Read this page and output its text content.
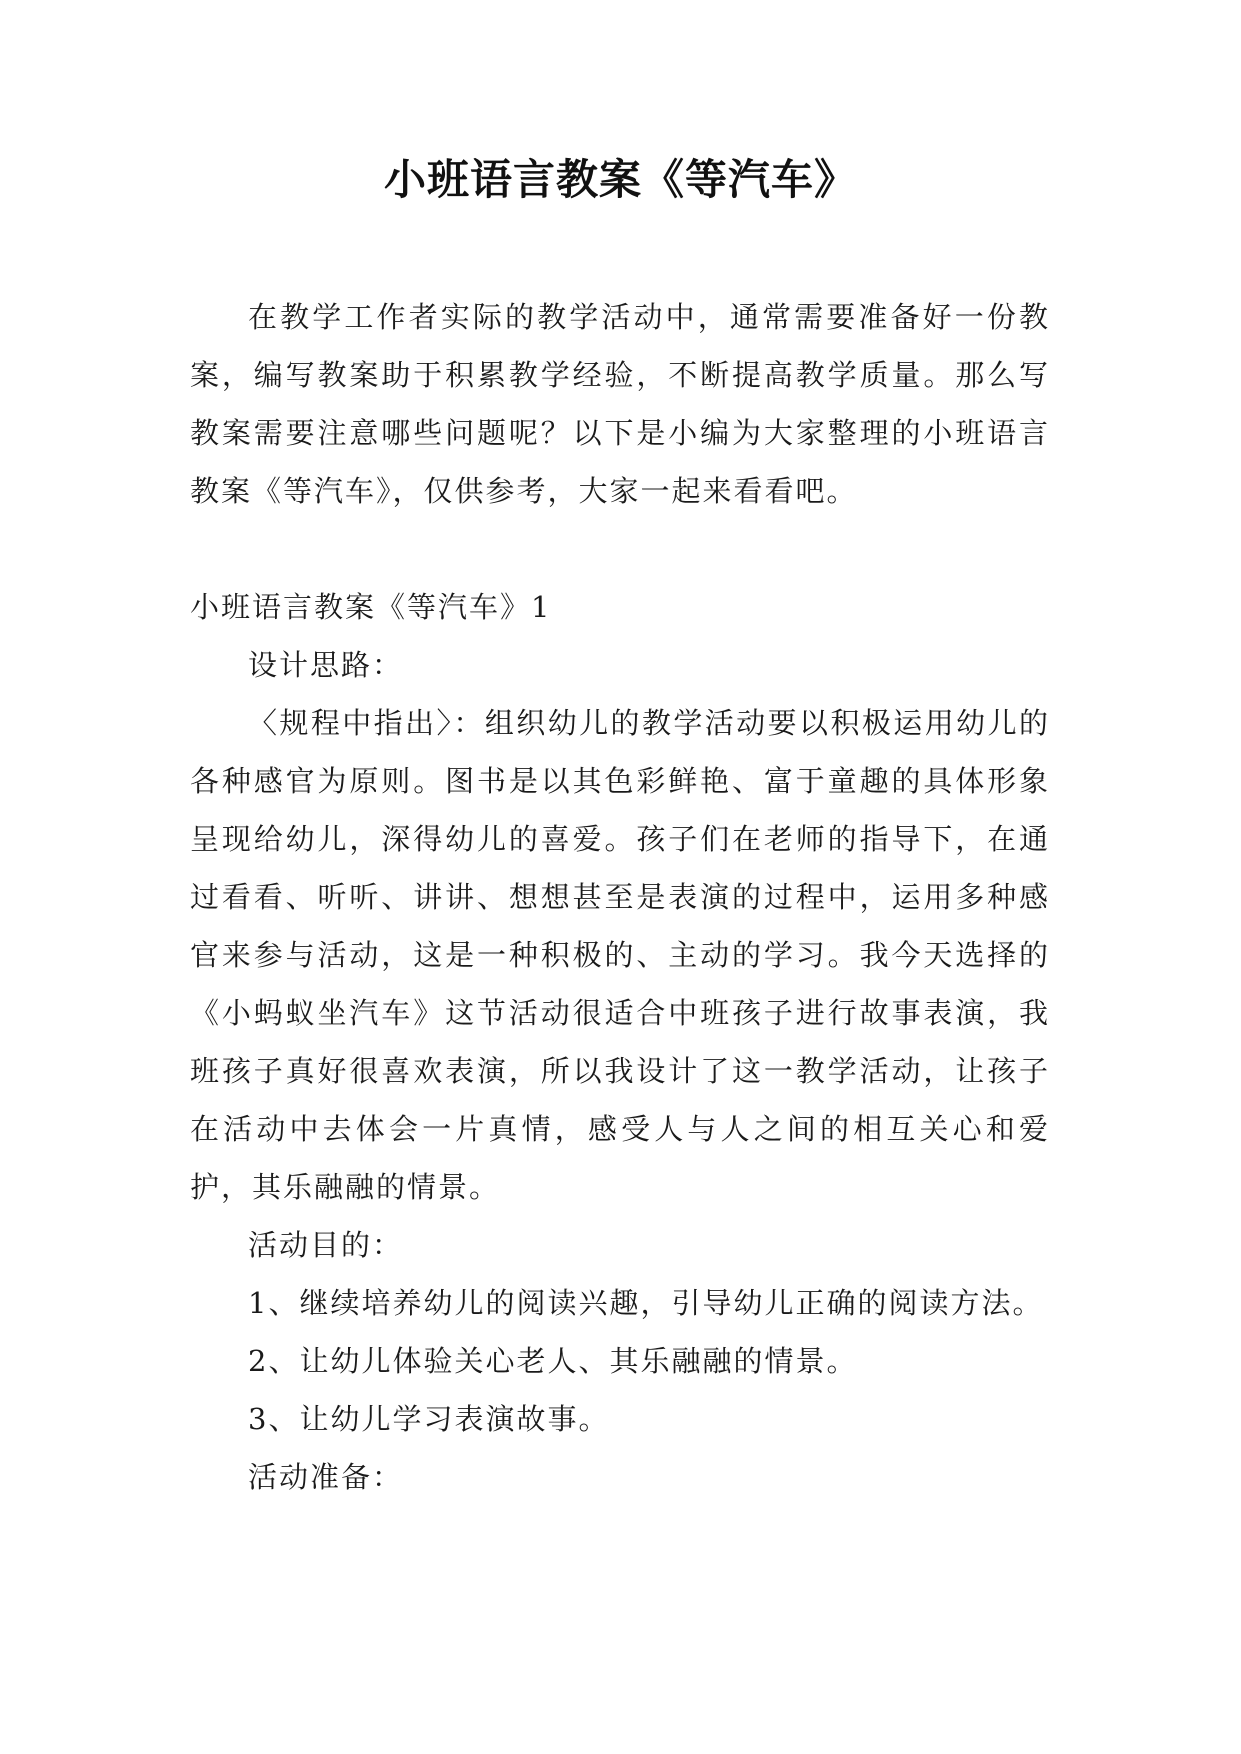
小班语言教案《等汽车》

在教学工作者实际的教学活动中，通常需要准备好一份教案，编写教案助于积累教学经验，不断提高教学质量。那么写教案需要注意哪些问题呢？以下是小编为大家整理的小班语言教案《等汽车》，仅供参考，大家一起来看看吧。

小班语言教案《等汽车》1

设计思路：

〈规程中指出〉：组织幼儿的教学活动要以积极运用幼儿的各种感官为原则。图书是以其色彩鲜艳、富于童趣的具体形象呈现给幼儿，深得幼儿的喜爱。孩子们在老师的指导下，在通过看看、听听、讲讲、想想甚至是表演的过程中，运用多种感官来参与活动，这是一种积极的、主动的学习。我今天选择的《小蚂蚁坐汽车》这节活动很适合中班孩子进行故事表演，我班孩子真好很喜欢表演，所以我设计了这一教学活动，让孩子在活动中去体会一片真情，感受人与人之间的相互关心和爱护，其乐融融的情景。

活动目的：

1、继续培养幼儿的阅读兴趣，引导幼儿正确的阅读方法。

2、让幼儿体验关心老人、其乐融融的情景。

3、让幼儿学习表演故事。

活动准备：
